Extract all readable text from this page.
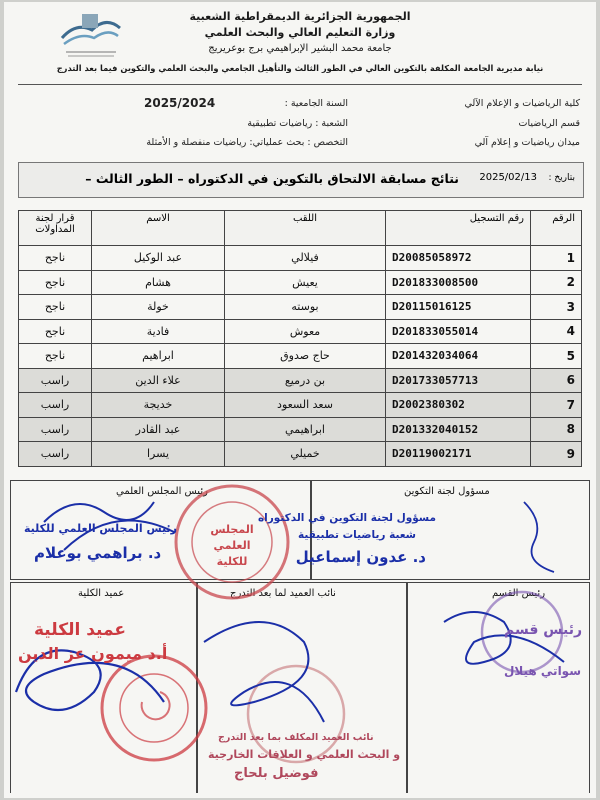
الجمهورية الجزائرية الديمقراطية الشعبية
وزارة التعليم العالي والبحث العلمي
جامعة محمد البشير الإبراهيمي برج بوعريريج
نيابة مديرية الجامعة المكلفة بالتكوين العالي في الطور الثالث والتأهيل الجامعي والبحث العلمي والتكوين فيما بعد التدرج
كلية الرياضيات و الإعلام الآلي
قسم الرياضيات
ميدان رياضيات و إعلام آلي
السنة الجامعية :
2025/2024
الشعبة : رياضيات تطبيقية
التخصص : بحث عملياتي: رياضيات منفصلة و الأمثلة
بتاريخ :
2025/02/13
نتائج مسابقة الالتحاق بالتكوين في الدكتوراه – الطور الثالث –
الرقم	رقم التسجيل	اللقب	الاسم	قرار لجنة المداولات
1	D20085058972	فيلالي	عبد الوكيل	ناجح
2	D201833008500	يعيش	هشام	ناجح
3	D20115016125	بوسته	خولة	ناجح
4	D201833055014	معوش	فادية	ناجح
5	D201432034064	حاج صدوق	ابراهيم	ناجح
6	D201733057713	بن درميع	علاء الدين	راسب
7	D2002380302	سعد السعود	خديجة	راسب
8	D201332040152	ابراهيمي	عبد القادر	راسب
9	D20119002171	خميلي	يسرا	راسب
رئيس المجلس العلمي	مسؤول لجنة التكوين
عميد الكلية	نائب العميد لما بعد التدرج	رئيس القسم
المجلس العلمي للكلية
مسؤول لجنة التكوين في الدكتوراه
شعبة رياضيات تطبيقية
د. عدون إسماعيل
رئيس المجلس العلمي للكلية
د. براهمي بوعلام
عميد الكلية
أ.د ميمون عز الدين
نائب العميد المكلف بما بعد التدرج
و البحث العلمي و العلاقات الخارجية
فوضيل بلحاج
رئيس قسم
سواتي هيلال
